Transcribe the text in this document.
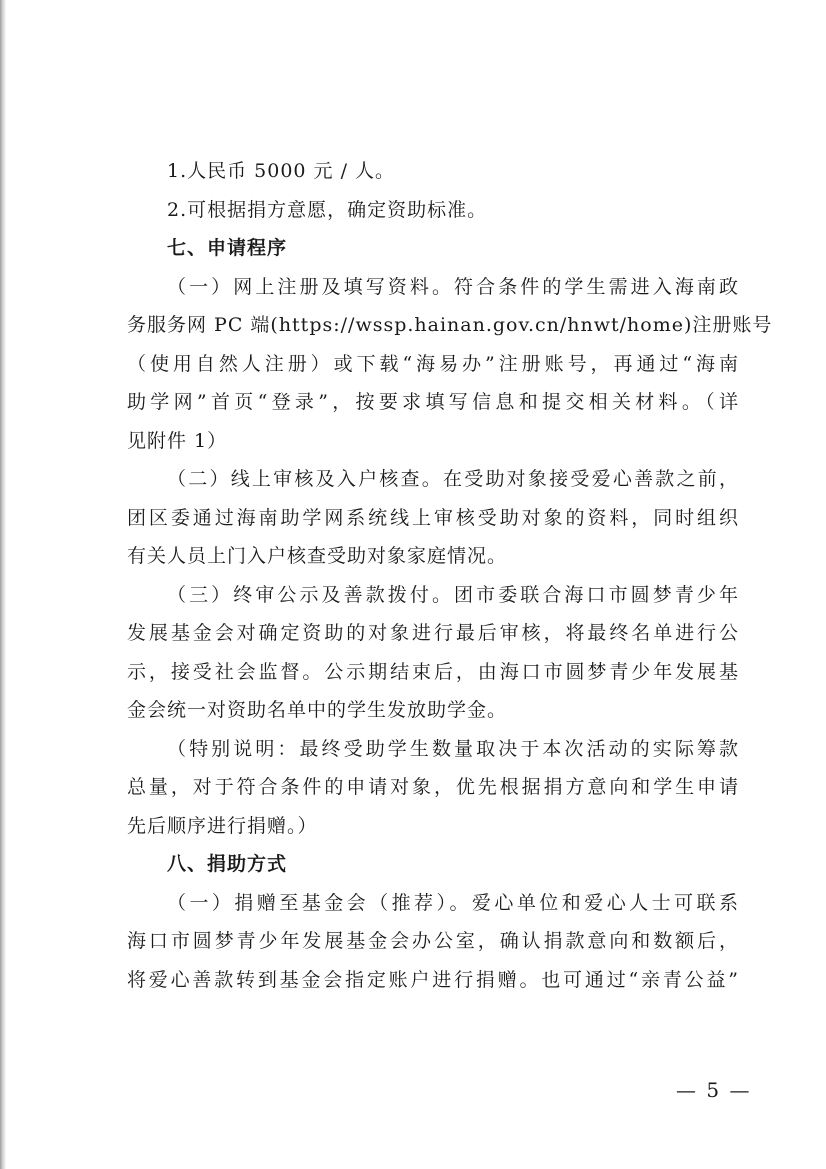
1.人民币 5000 元 / 人。

2.可根据捐方意愿，确定资助标准。

七、申请程序
（一）网上注册及填写资料。符合条件的学生需进入海南政
务服务网 PC 端(https://wssp.hainan.gov.cn/hnwt/home)注册账号
（使用自然人注册）或下载“海易办”注册账号，再通过“海南
助学网”首页“登录”，按要求填写信息和提交相关材料。（详
见附件 1）
（二）线上审核及入户核查。在受助对象接受爱心善款之前，
团区委通过海南助学网系统线上审核受助对象的资料，同时组织
有关人员上门入户核查受助对象家庭情况。
（三）终审公示及善款拨付。团市委联合海口市圆梦青少年
发展基金会对确定资助的对象进行最后审核，将最终名单进行公
示，接受社会监督。公示期结束后，由海口市圆梦青少年发展基
金会统一对资助名单中的学生发放助学金。
（特别说明：最终受助学生数量取决于本次活动的实际筹款
总量，对于符合条件的申请对象，优先根据捐方意向和学生申请
先后顺序进行捐赠。）
八、捐助方式
（一）捐赠至基金会（推荐）。爱心单位和爱心人士可联系
海口市圆梦青少年发展基金会办公室，确认捐款意向和数额后，
将爱心善款转到基金会指定账户进行捐赠。也可通过“亲青公益”
— 5 —
